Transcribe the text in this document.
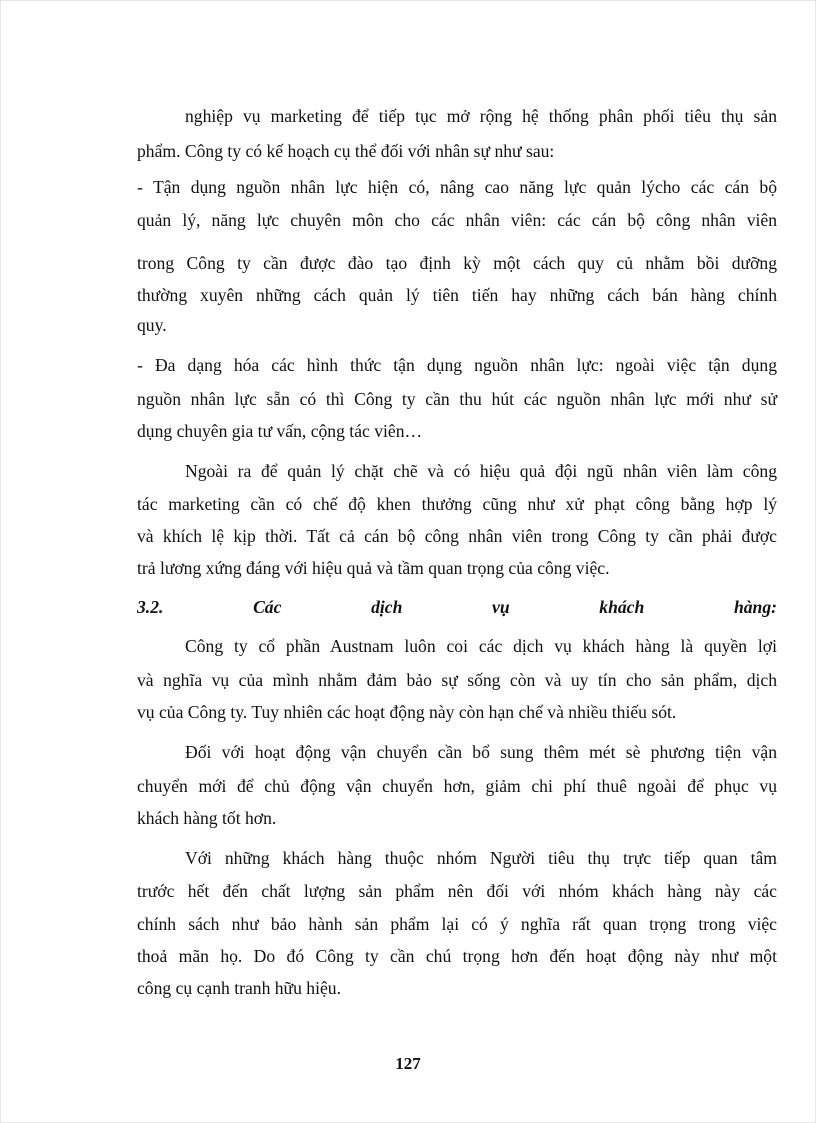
nghiệp vụ marketing để tiếp tục mở rộng hệ thống phân phối tiêu thụ sản
phẩm. Công ty có kế hoạch cụ thể đối với nhân sự như sau:
- Tận dụng nguồn nhân lực hiện có, nâng cao năng lực quản lýcho các cán bộ
quản lý, năng lực chuyên môn cho các nhân viên: các cán bộ công nhân viên
trong Công ty cần được đào tạo định kỳ một cách quy củ nhằm bồi dưỡng
thường xuyên những cách quản lý tiên tiến hay những cách bán hàng chính
quy.
- Đa dạng hóa các hình thức tận dụng nguồn nhân lực: ngoài việc tận dụng
nguồn nhân lực sẵn có thì Công ty cần thu hút các nguồn nhân lực mới như sử
dụng chuyên gia tư vấn, cộng tác viên…
Ngoài ra để quản lý chặt chẽ và có hiệu quả đội ngũ nhân viên làm công
tác marketing cần có chế độ khen thưởng cũng như xử phạt công bằng hợp lý
và khích lệ kịp thời. Tất cả cán bộ công nhân viên trong Công ty cần phải được
trả lương xứng đáng với hiệu quả và tầm quan trọng của công việc.
3.2.	Các	dịch	vụ	khách	hàng:
Công ty cổ phần Austnam luôn coi các dịch vụ khách hàng là quyền lợi
và nghĩa vụ của mình nhằm đảm bảo sự sống còn và uy tín cho sản phẩm, dịch
vụ của Công ty. Tuy nhiên các hoạt động này còn hạn chế và nhiều thiếu sót.
Đối với hoạt động vận chuyển cần bổ sung thêm mét sè phương tiện vận
chuyển mới để chủ động vận chuyển hơn, giảm chi phí thuê ngoài để phục vụ
khách hàng tốt hơn.
Với những khách hàng thuộc nhóm Người tiêu thụ trực tiếp quan tâm
trước hết đến chất lượng sản phẩm nên đối với nhóm khách hàng này các
chính sách như bảo hành sản phẩm lại có ý nghĩa rất quan trọng trong việc
thoả mãn họ. Do đó Công ty cần chú trọng hơn đến hoạt động này như một
công cụ cạnh tranh hữu hiệu.
127
